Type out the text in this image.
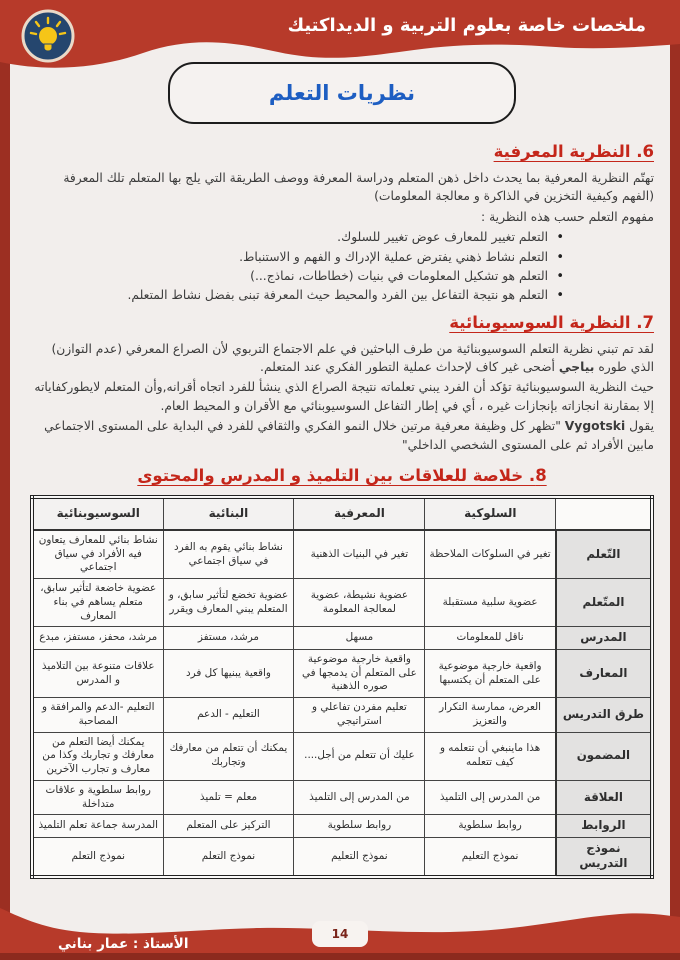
ملخصات خاصة بعلوم التربية و الديداكتيك
نظريات التعلم
6. النظرية المعرفية

تهتّم النظرية المعرفية بما يحدث داخل ذهن المتعلم ودراسة المعرفة ووصف الطريقة التي يلج بها المتعلم تلك المعرفة (الفهم وكيفية التخزين في الذاكرة و معالجة المعلومات)

مفهوم التعلم حسب هذه النظرية :

• التعلم تغيير للمعارف عوض تغيير للسلوك.
• التعلم نشاط ذهني يفترض عملية الإدراك و الفهم و الاستنباط.
• التعلم هو تشكيل المعلومات في بنيات (خطاطات، نماذج...)
• التعلم هو نتيجة التفاعل بين الفرد والمحيط حيث المعرفة تبنى بفضل نشاط المتعلم.
7. النظرية السوسيوبنائية

لقد تم تبني نظرية التعلم السوسيوبنائية من طرف الباحثين في علم الاجتماع التربوي لأن الصراع المعرفي (عدم التوازن) الذي طوره بياجي أضحى غير كاف لإحداث عملية التطور الفكري عند المتعلم.

حيث النظرية السوسيوبنائية تؤكد أن الفرد يبني تعلماته نتيجة الصراع الذي ينشأ للفرد اتجاه أقرانه,وأن المتعلم لايطوركفاياته إلا بمقارنة انجازاته بإنجازات غيره ، أي في إطار التفاعل السوسيوبنائي مع الأقران و المحيط العام.

يقول Vygotski "تظهر كل وظيفة معرفية مرتين خلال النمو الفكري والثقافي للفرد في البداية على المستوى الاجتماعي مابين الأفراد ثم على المستوى الشخصي الداخلي"

8. خلاصة للعلاقات بين التلميذ و المدرس والمحتوى
	السلوكية	المعرفية	البنائية	السوسيوبنائية
التّعلم	تغير في السلوكات الملاحظة	تغير في البنيات الذهنية	نشاط بنائي يقوم به الفرد في سياق اجتماعي	نشاط بنائي للمعارف يتعاون فيه الأفراد في سياق اجتماعي
المتّعلم	عضوية سلبية مستقبلة	عضوية نشيطة، عضوية لمعالجة المعلومة	عضوية تخضع لتأثير سابق، و المتعلم يبني المعارف ويقرر	عضوية خاضعة لتأثير سابق، متعلم يساهم في بناء المعارف
المدرس	ناقل للمعلومات	مسهل	مرشد، مستفز	مرشد، محفز، مستفز، مبدع
المعارف	واقعية خارجية موضوعية على المتعلم أن يكتسبها	واقعية خارجية موضوعية على المتعلم أن يدمجها في صوره الذهنية	واقعية يبنيها كل فرد	علاقات متنوعة بين التلاميذ و المدرس
طرق التدريس	العرض، ممارسة التكرار والتعزيز	تعليم مفردن تفاعلي و استراتيجي	التعليم - الدعم	التعليم -الدعم والمرافقة و المصاحبة
المضمون	هذا ماينبغي أن تتعلمه و كيف تتعلمه	عليك أن تتعلم من أجل....	يمكنك أن تتعلم من معارفك وتجاربك	يمكنك أيضا التعلم من معارفك و تجاربك وكذا من معارف و تجارب الآخرين
العلاقة	من المدرس إلى التلميذ	من المدرس إلى التلميذ	معلم = تلميذ	روابط سلطوية و علاقات متداخلة
الروابط	روابط سلطوية	روابط سلطوية	التركيز على المتعلم	المدرسة جماعة تعلم التلميذ
نموذج التدريس	نموذج التعليم	نموذج التعليم	نموذج التعلم	نموذج التعلم
14
الأستاذ : عمار بناني
